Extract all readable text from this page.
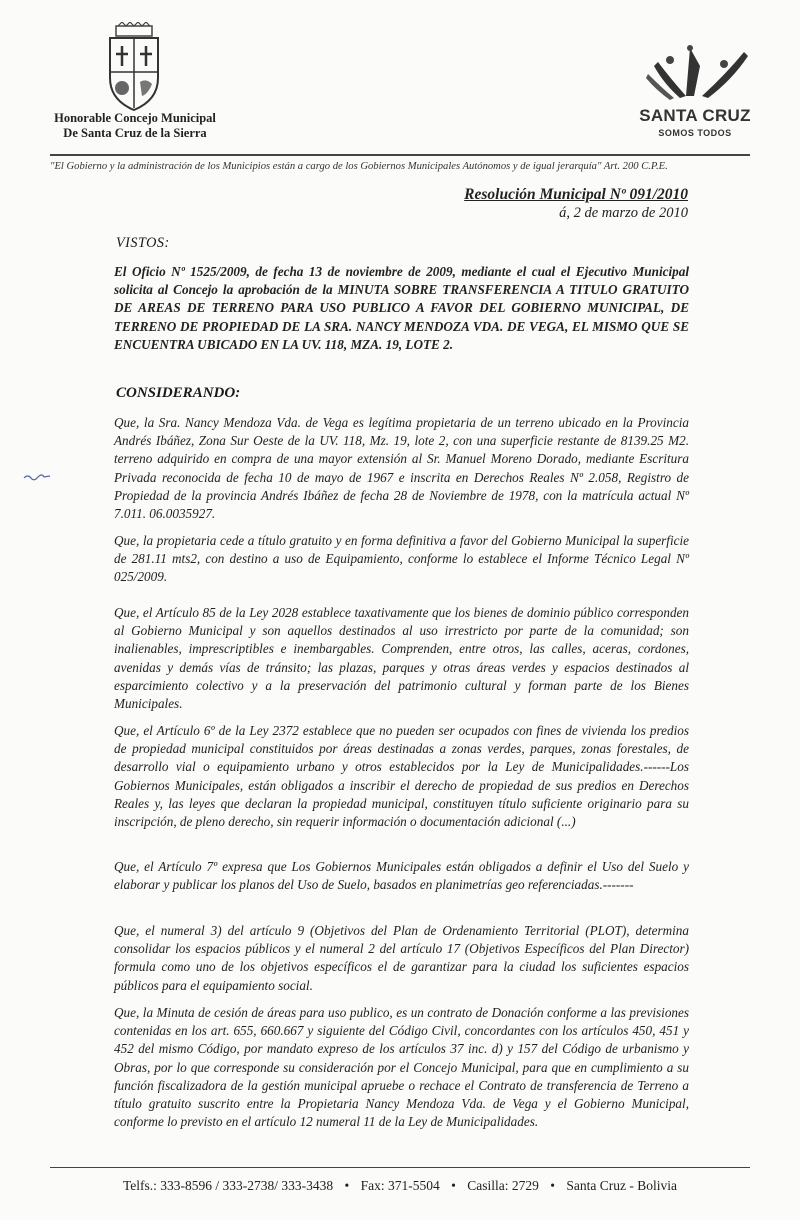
Honorable Concejo Municipal
De Santa Cruz de la Sierra
SANTA CRUZ
SOMOS TODOS
"El Gobierno y la administración de los Municipios están a cargo de los Gobiernos Municipales Autónomos y de igual jerarquía" Art. 200 C.P.E.
Resolución Municipal Nº 091/2010
á, 2 de marzo de 2010
VISTOS:
El Oficio Nº 1525/2009, de fecha 13 de noviembre de 2009, mediante el cual el Ejecutivo Municipal solicita al Concejo la aprobación de la MINUTA SOBRE TRANSFERENCIA A TITULO GRATUITO DE AREAS DE TERRENO PARA USO PUBLICO A FAVOR DEL GOBIERNO MUNICIPAL, DE TERRENO DE PROPIEDAD DE LA SRA. NANCY MENDOZA VDA. DE VEGA, EL MISMO QUE SE ENCUENTRA UBICADO EN LA UV. 118, MZA. 19, LOTE 2.
CONSIDERANDO:
Que, la Sra. Nancy Mendoza Vda. de Vega es legítima propietaria de un terreno ubicado en la Provincia Andrés Ibáñez, Zona Sur Oeste de la UV. 118, Mz. 19, lote 2, con una superficie restante de 8139.25 M2. terreno adquirido en compra de una mayor extensión al Sr. Manuel Moreno Dorado, mediante Escritura Privada reconocida de fecha 10 de mayo de 1967 e inscrita en Derechos Reales Nº 2.058, Registro de Propiedad de la provincia Andrés Ibáñez de fecha 28 de Noviembre de 1978, con la matrícula actual Nº 7.011. 06.0035927.
Que, la propietaria cede a título gratuito y en forma definitiva a favor del Gobierno Municipal la superficie de 281.11 mts2, con destino a uso de Equipamiento, conforme lo establece el Informe Técnico Legal Nº 025/2009.
Que, el Artículo 85 de la Ley 2028 establece taxativamente que los bienes de dominio público corresponden al Gobierno Municipal y son aquellos destinados al uso irrestricto por parte de la comunidad; son inalienables, imprescriptibles e inembargables. Comprenden, entre otros, las calles, aceras, cordones, avenidas y demás vías de tránsito; las plazas, parques y otras áreas verdes y espacios destinados al esparcimiento colectivo y a la preservación del patrimonio cultural y forman parte de los Bienes Municipales.
Que, el Artículo 6º de la Ley 2372 establece que no pueden ser ocupados con fines de vivienda los predios de propiedad municipal constituidos por áreas destinadas a zonas verdes, parques, zonas forestales, de desarrollo vial o equipamiento urbano y otros establecidos por la Ley de Municipalidades.------Los Gobiernos Municipales, están obligados a inscribir el derecho de propiedad de sus predios en Derechos Reales y, las leyes que declaran la propiedad municipal, constituyen título suficiente originario para su inscripción, de pleno derecho, sin requerir información o documentación adicional (...)
Que, el Artículo 7º expresa que Los Gobiernos Municipales están obligados a definir el Uso del Suelo y elaborar y publicar los planos del Uso de Suelo, basados en planimetrías geo referenciadas.-------
Que, el numeral 3) del artículo 9 (Objetivos del Plan de Ordenamiento Territorial (PLOT), determina consolidar los espacios públicos y el numeral 2 del artículo 17 (Objetivos Específicos del Plan Director) formula como uno de los objetivos específicos el de garantizar para la ciudad los suficientes espacios públicos para el equipamiento social.
Que, la Minuta de cesión de áreas para uso publico, es un contrato de Donación conforme a las previsiones contenidas en los art. 655, 660.667 y siguiente del Código Civil, concordantes con los artículos 450, 451 y 452 del mismo Código, por mandato expreso de los artículos 37 inc. d) y 157 del Código de urbanismo y Obras, por lo que corresponde su consideración por el Concejo Municipal, para que en cumplimiento a su función fiscalizadora de la gestión municipal apruebe o rechace el Contrato de transferencia de Terreno a título gratuito suscrito entre la Propietaria Nancy Mendoza Vda. de Vega y el Gobierno Municipal, conforme lo previsto en el artículo 12 numeral 11 de la Ley de Municipalidades.
Telfs.: 333-8596 / 333-2738/ 333-3438 • Fax: 371-5504 • Casilla: 2729 • Santa Cruz - Bolivia
